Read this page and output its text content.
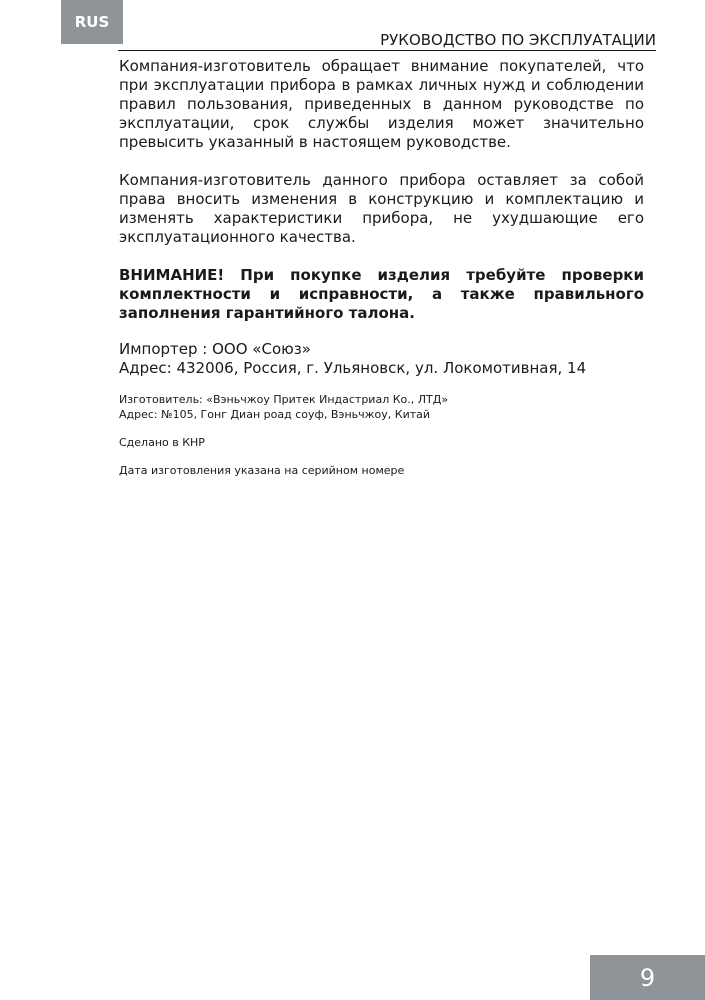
RUS
РУКОВОДСТВО ПО ЭКСПЛУАТАЦИИ

Компания-изготовитель обращает внимание покупателей, что при эксплуатации прибора в рамках личных нужд и соблюдении правил пользования, приведенных в данном руководстве по эксплуатации, срок службы изделия может значительно превысить указанный в настоящем руководстве.

Компания-изготовитель данного прибора оставляет за собой права вносить изменения в конструкцию и комплектацию и изменять характеристики прибора, не ухудшающие его эксплуатационного качества.

ВНИМАНИЕ! При покупке изделия требуйте проверки комплектности и исправности, а также правильного заполнения гарантийного талона.

Импортер : ООО «Союз»
Адрес: 432006, Россия, г. Ульяновск, ул. Локомотивная, 14
Изготовитель: «Вэньчжоу Притек Индастриал Ко., ЛТД»
Адрес: №105, Гонг Диан роад соуф, Вэньчжоу, Китай
Сделано в КНР
Дата изготовления указана на серийном номере
9
